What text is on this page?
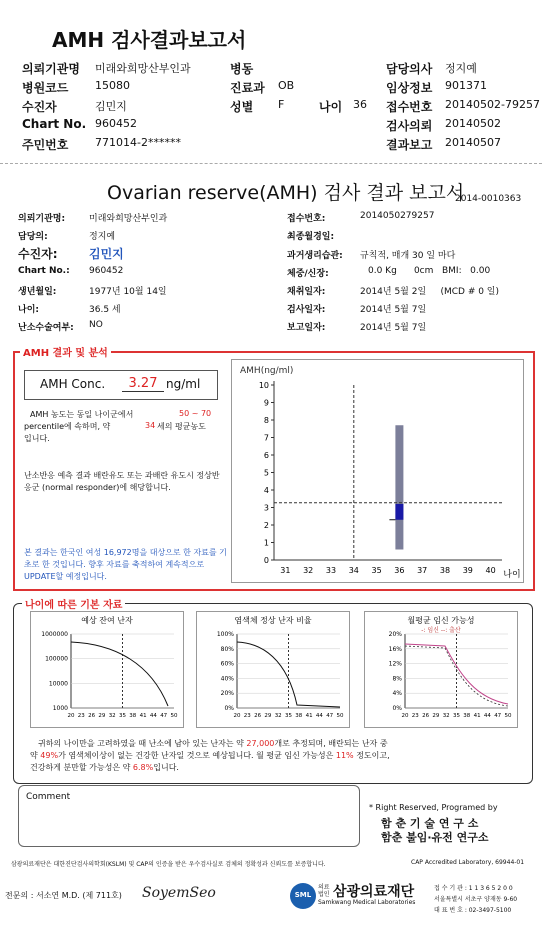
AMH 검사결과보고서
의뢰기관명 미래와희망산부인과
병원코드 15080
수진자	김민지
Chart No. 960452
주민번호 771014-2******
병동
진료과 OB
성별 F	나이 36
담당의사 정지예
임상정보 901371
접수번호 20140502-79257
검사의뢰 20140502
결과보고 20140507
Ovarian reserve(AMH) 검사 결과 보고서
2014-0010363
의뢰기관명:	미래와희망산부인과
담당의:	정지예
수진자:	김민지
Chart No.: 960452
생년월일:	1977년 10월 14일
나이:	36.5 세
난소수술여부: NO
접수번호:	2014050279257
최종월경일:
과거생리습관: 규칙적, 매개 30 일 마다
체중/신장:	0.0 Kg      0cm   BMI:   0.00
채취일자:	2014년 5월 2일     (MCD # 0 일)
검사일자:	2014년 5월 7일
보고일자:	2014년 5월 7일
AMH 결과 및 분석
AMH Conc.	3.27 ng/ml
AMH 농도는 동일 나이군에서	50 ~ 70
percentile에 속하며, 약	34 세의 평균농도
입니다.
난소반응 예측 결과 배란유도 또는 과배란 유도시 정상반응군 (normal responder)에 해당합니다.
본 결과는 한국인 여성 16,972명을 대상으로 한 자료를 기초로 한 것입니다. 향후 자료를 축적하여 계속적으로 UPDATE할 예정입니다.
AMH(ng/ml)
0
1
2
3
4
5
6
7
8
9
10
31 32 33 34 35 36 37 38 39 40 나이
나이에 따른 기본 자료
예상 잔여 난자
1000000
100000
10000
1000
20 23 26 29 32 35 38 41 44 47 50
염색체 정상 난자 비율
100%
80%
60%
40%
20%
0%
20 23 26 29 32 35 38 41 44 47 50
월평균 임신 가능성
-: 임신 --: 출산
20%
16%
12%
8%
4%
0%
20 23 26 29 32 35 38 41 44 47 50
귀하의 나이만을 고려하였을 때 난소에 남아 있는 난자는 약 27,000개로 추정되며, 배란되는 난자 중
약 49%가 염색체이상이 없는 건강한 난자일 것으로 예상됩니다. 월 평균 임신 가능성은 11% 정도이고,
건강하게 분만할 가능성은 약 6.8%입니다.
Comment
* Right Reserved, Programed by
함 춘 기 술 연 구 소
함춘 불임·유전 연구소
삼광의료재단은 대한진단검사의학회(KSLM) 및 CAP의 인증을 받은 우수검사실로 검체의 정확성과 신뢰도를 보증합니다.	CAP Accredited Laboratory, 69944-01
전문의 : 서소연 M.D. (제 711호) SoyemSeo	SML
의료법인 삼광의료재단
Samkwang Medical Laboratories
접 수 기 관 : 1 1 3 6 5 2 0 0
서울특별시 서초구 양재동 9-60
대 표 번 호 : 02-3497-5100
